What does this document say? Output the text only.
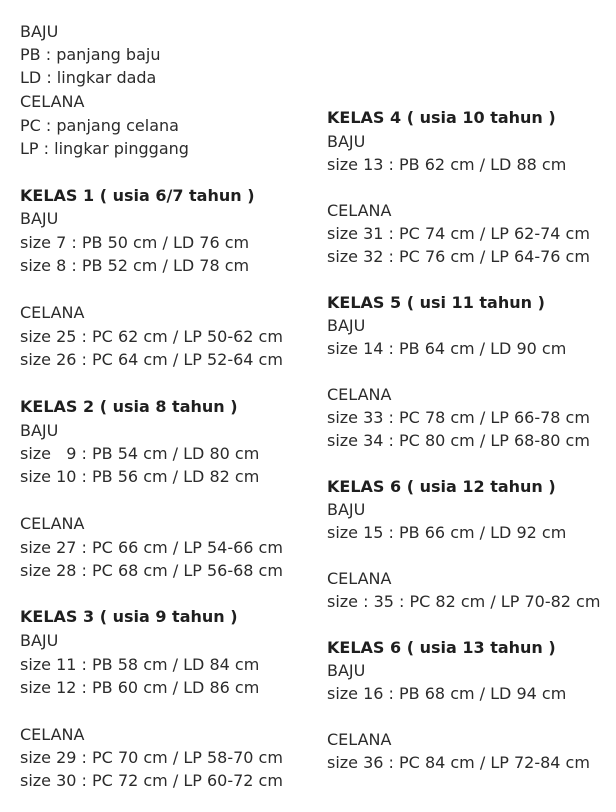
BAJU
PB : panjang baju
LD : lingkar dada
CELANA
PC : panjang celana
LP : lingkar pinggang
KELAS 1 ( usia 6/7 tahun )
BAJU
size 7 : PB 50 cm / LD 76 cm
size 8 : PB 52 cm / LD 78 cm
CELANA
size 25 : PC 62 cm / LP 50-62 cm
size 26 : PC 64 cm / LP 52-64 cm
KELAS 2 ( usia 8 tahun )
BAJU
size   9 : PB 54 cm / LD 80 cm
size 10 : PB 56 cm / LD 82 cm
CELANA
size 27 : PC 66 cm / LP 54-66 cm
size 28 : PC 68 cm / LP 56-68 cm
KELAS 3 ( usia 9 tahun )
BAJU
size 11 : PB 58 cm / LD 84 cm
size 12 : PB 60 cm / LD 86 cm
CELANA
size 29 : PC 70 cm / LP 58-70 cm
size 30 : PC 72 cm / LP 60-72 cm
KELAS 4 ( usia 10 tahun )
BAJU
size 13 : PB 62 cm / LD 88 cm
CELANA
size 31 : PC 74 cm / LP 62-74 cm
size 32 : PC 76 cm / LP 64-76 cm
KELAS 5 ( usi 11 tahun )
BAJU
size 14 : PB 64 cm / LD 90 cm
CELANA
size 33 : PC 78 cm / LP 66-78 cm
size 34 : PC 80 cm / LP 68-80 cm
KELAS 6 ( usia 12 tahun )
BAJU
size 15 : PB 66 cm / LD 92 cm
CELANA
size : 35 : PC 82 cm / LP 70-82 cm
KELAS 6 ( usia 13 tahun )
BAJU
size 16 : PB 68 cm / LD 94 cm
CELANA
size 36 : PC 84 cm / LP 72-84 cm
